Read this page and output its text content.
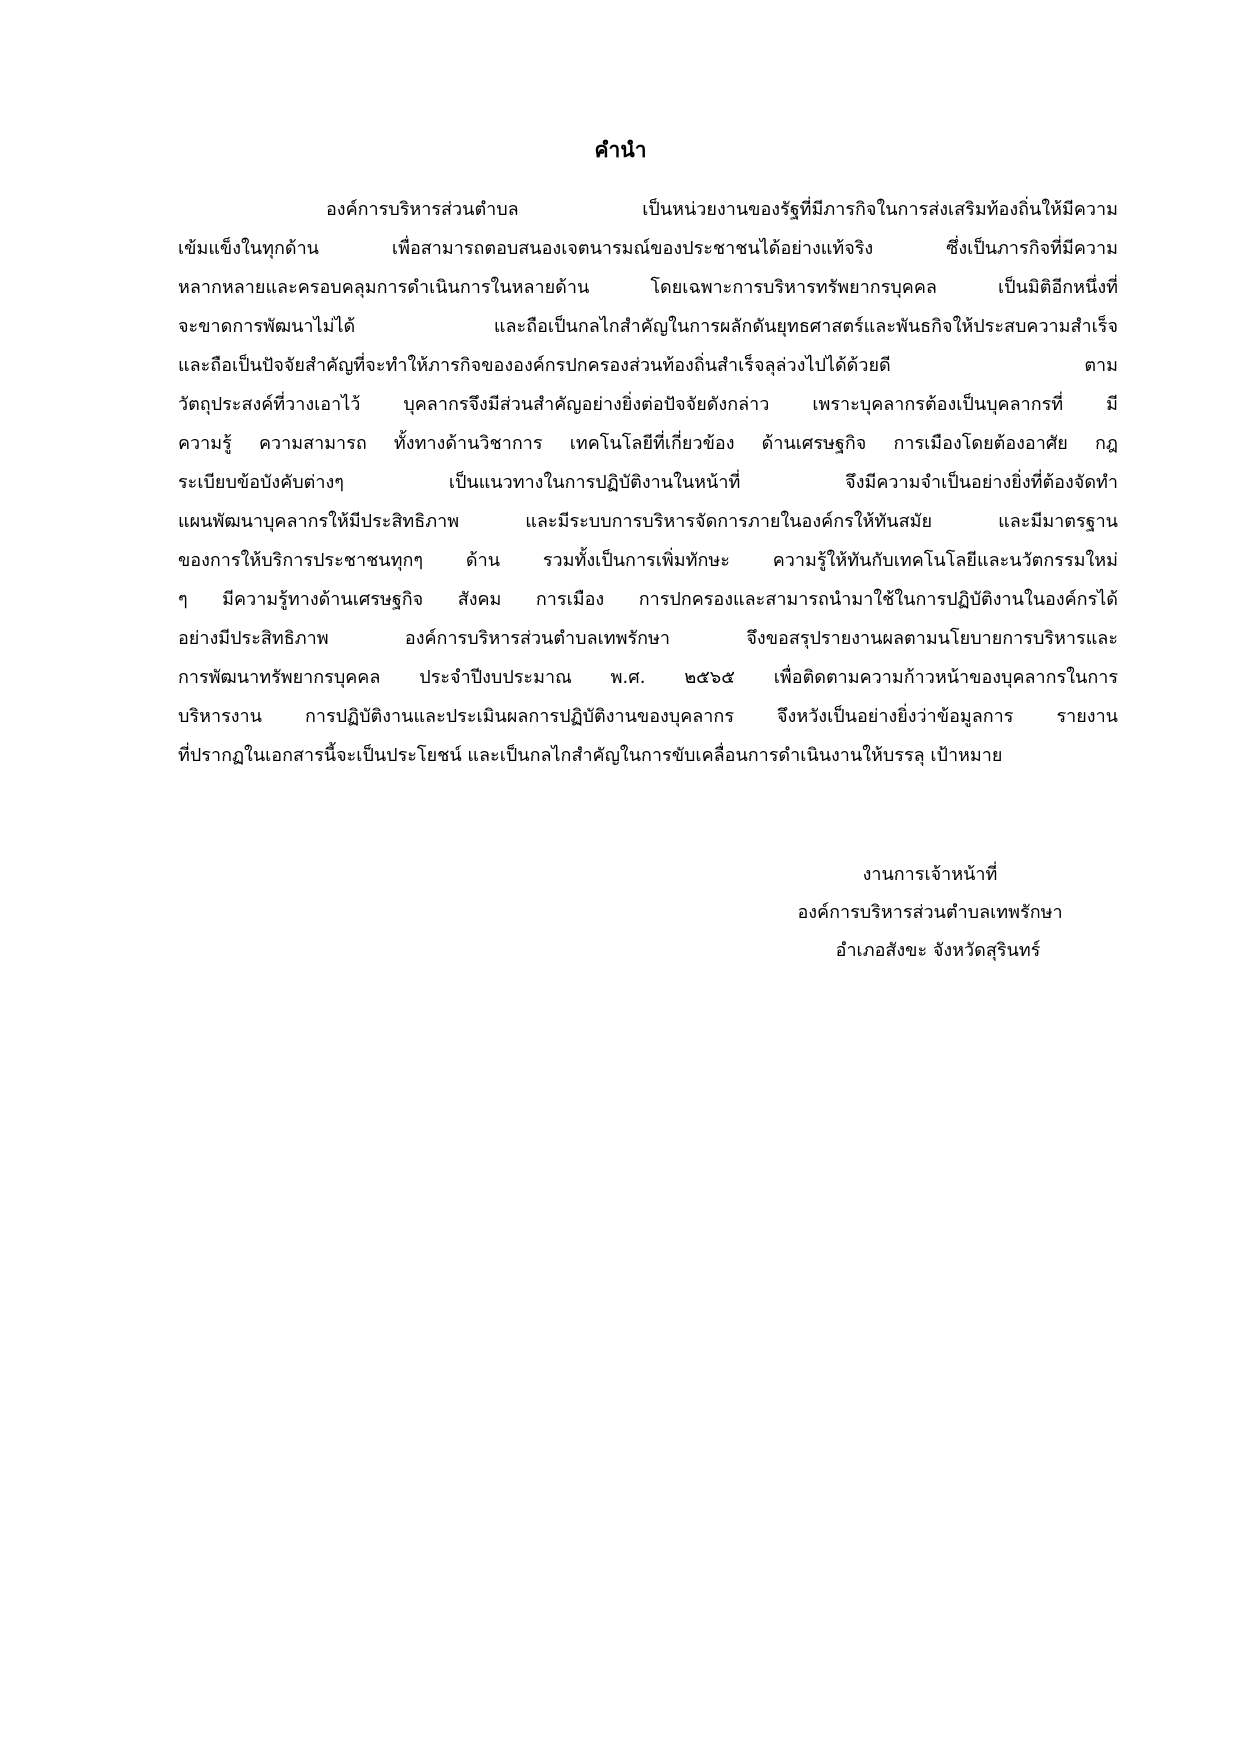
คำนำ
องค์การบริหารส่วนตำบล เป็นหน่วยงานของรัฐที่มีภารกิจในการส่งเสริมท้องถิ่นให้มีความ
เข้มแข็งในทุกด้าน เพื่อสามารถตอบสนองเจตนารมณ์ของประชาชนได้อย่างแท้จริง ซึ่งเป็นภารกิจที่มีความ
หลากหลายและครอบคลุมการดำเนินการในหลายด้าน โดยเฉพาะการบริหารทรัพยากรบุคคล เป็นมิติอีกหนึ่งที่
จะขาดการพัฒนาไม่ได้ และถือเป็นกลไกสำคัญในการผลักดันยุทธศาสตร์และพันธกิจให้ประสบความสำเร็จ
และถือเป็นปัจจัยสำคัญที่จะทำให้ภารกิจขององค์กรปกครองส่วนท้องถิ่นสำเร็จลุล่วงไปได้ด้วยดี ตาม
วัตถุประสงค์ที่วางเอาไว้ บุคลากรจึงมีส่วนสำคัญอย่างยิ่งต่อปัจจัยดังกล่าว เพราะบุคลากรต้องเป็นบุคลากรที่ มี
ความรู้ ความสามารถ ทั้งทางด้านวิชาการ เทคโนโลยีที่เกี่ยวข้อง ด้านเศรษฐกิจ การเมืองโดยต้องอาศัย กฎ
ระเบียบข้อบังคับต่างๆ เป็นแนวทางในการปฏิบัติงานในหน้าที่ จึงมีความจำเป็นอย่างยิ่งที่ต้องจัดทำ
แผนพัฒนาบุคลากรให้มีประสิทธิภาพ และมีระบบการบริหารจัดการภายในองค์กรให้ทันสมัย และมีมาตรฐาน
ของการให้บริการประชาชนทุกๆ ด้าน รวมทั้งเป็นการเพิ่มทักษะ ความรู้ให้ทันกับเทคโนโลยีและนวัตกรรมใหม่
ๆ มีความรู้ทางด้านเศรษฐกิจ สังคม การเมือง การปกครองและสามารถนำมาใช้ในการปฏิบัติงานในองค์กรได้
อย่างมีประสิทธิภาพ องค์การบริหารส่วนตำบลเทพรักษา จึงขอสรุปรายงานผลตามนโยบายการบริหารและ
การพัฒนาทรัพยากรบุคคล ประจำปีงบประมาณ พ.ศ. ๒๕๖๕ เพื่อติดตามความก้าวหน้าของบุคลากรในการ
บริหารงาน การปฏิบัติงานและประเมินผลการปฏิบัติงานของบุคลากร จึงหวังเป็นอย่างยิ่งว่าข้อมูลการ รายงาน
ที่ปรากฏในเอกสารนี้จะเป็นประโยชน์ และเป็นกลไกสำคัญในการขับเคลื่อนการดำเนินงานให้บรรลุ เป้าหมาย
งานการเจ้าหน้าที่
องค์การบริหารส่วนตำบลเทพรักษา
อำเภอสังขะ จังหวัดสุรินทร์
